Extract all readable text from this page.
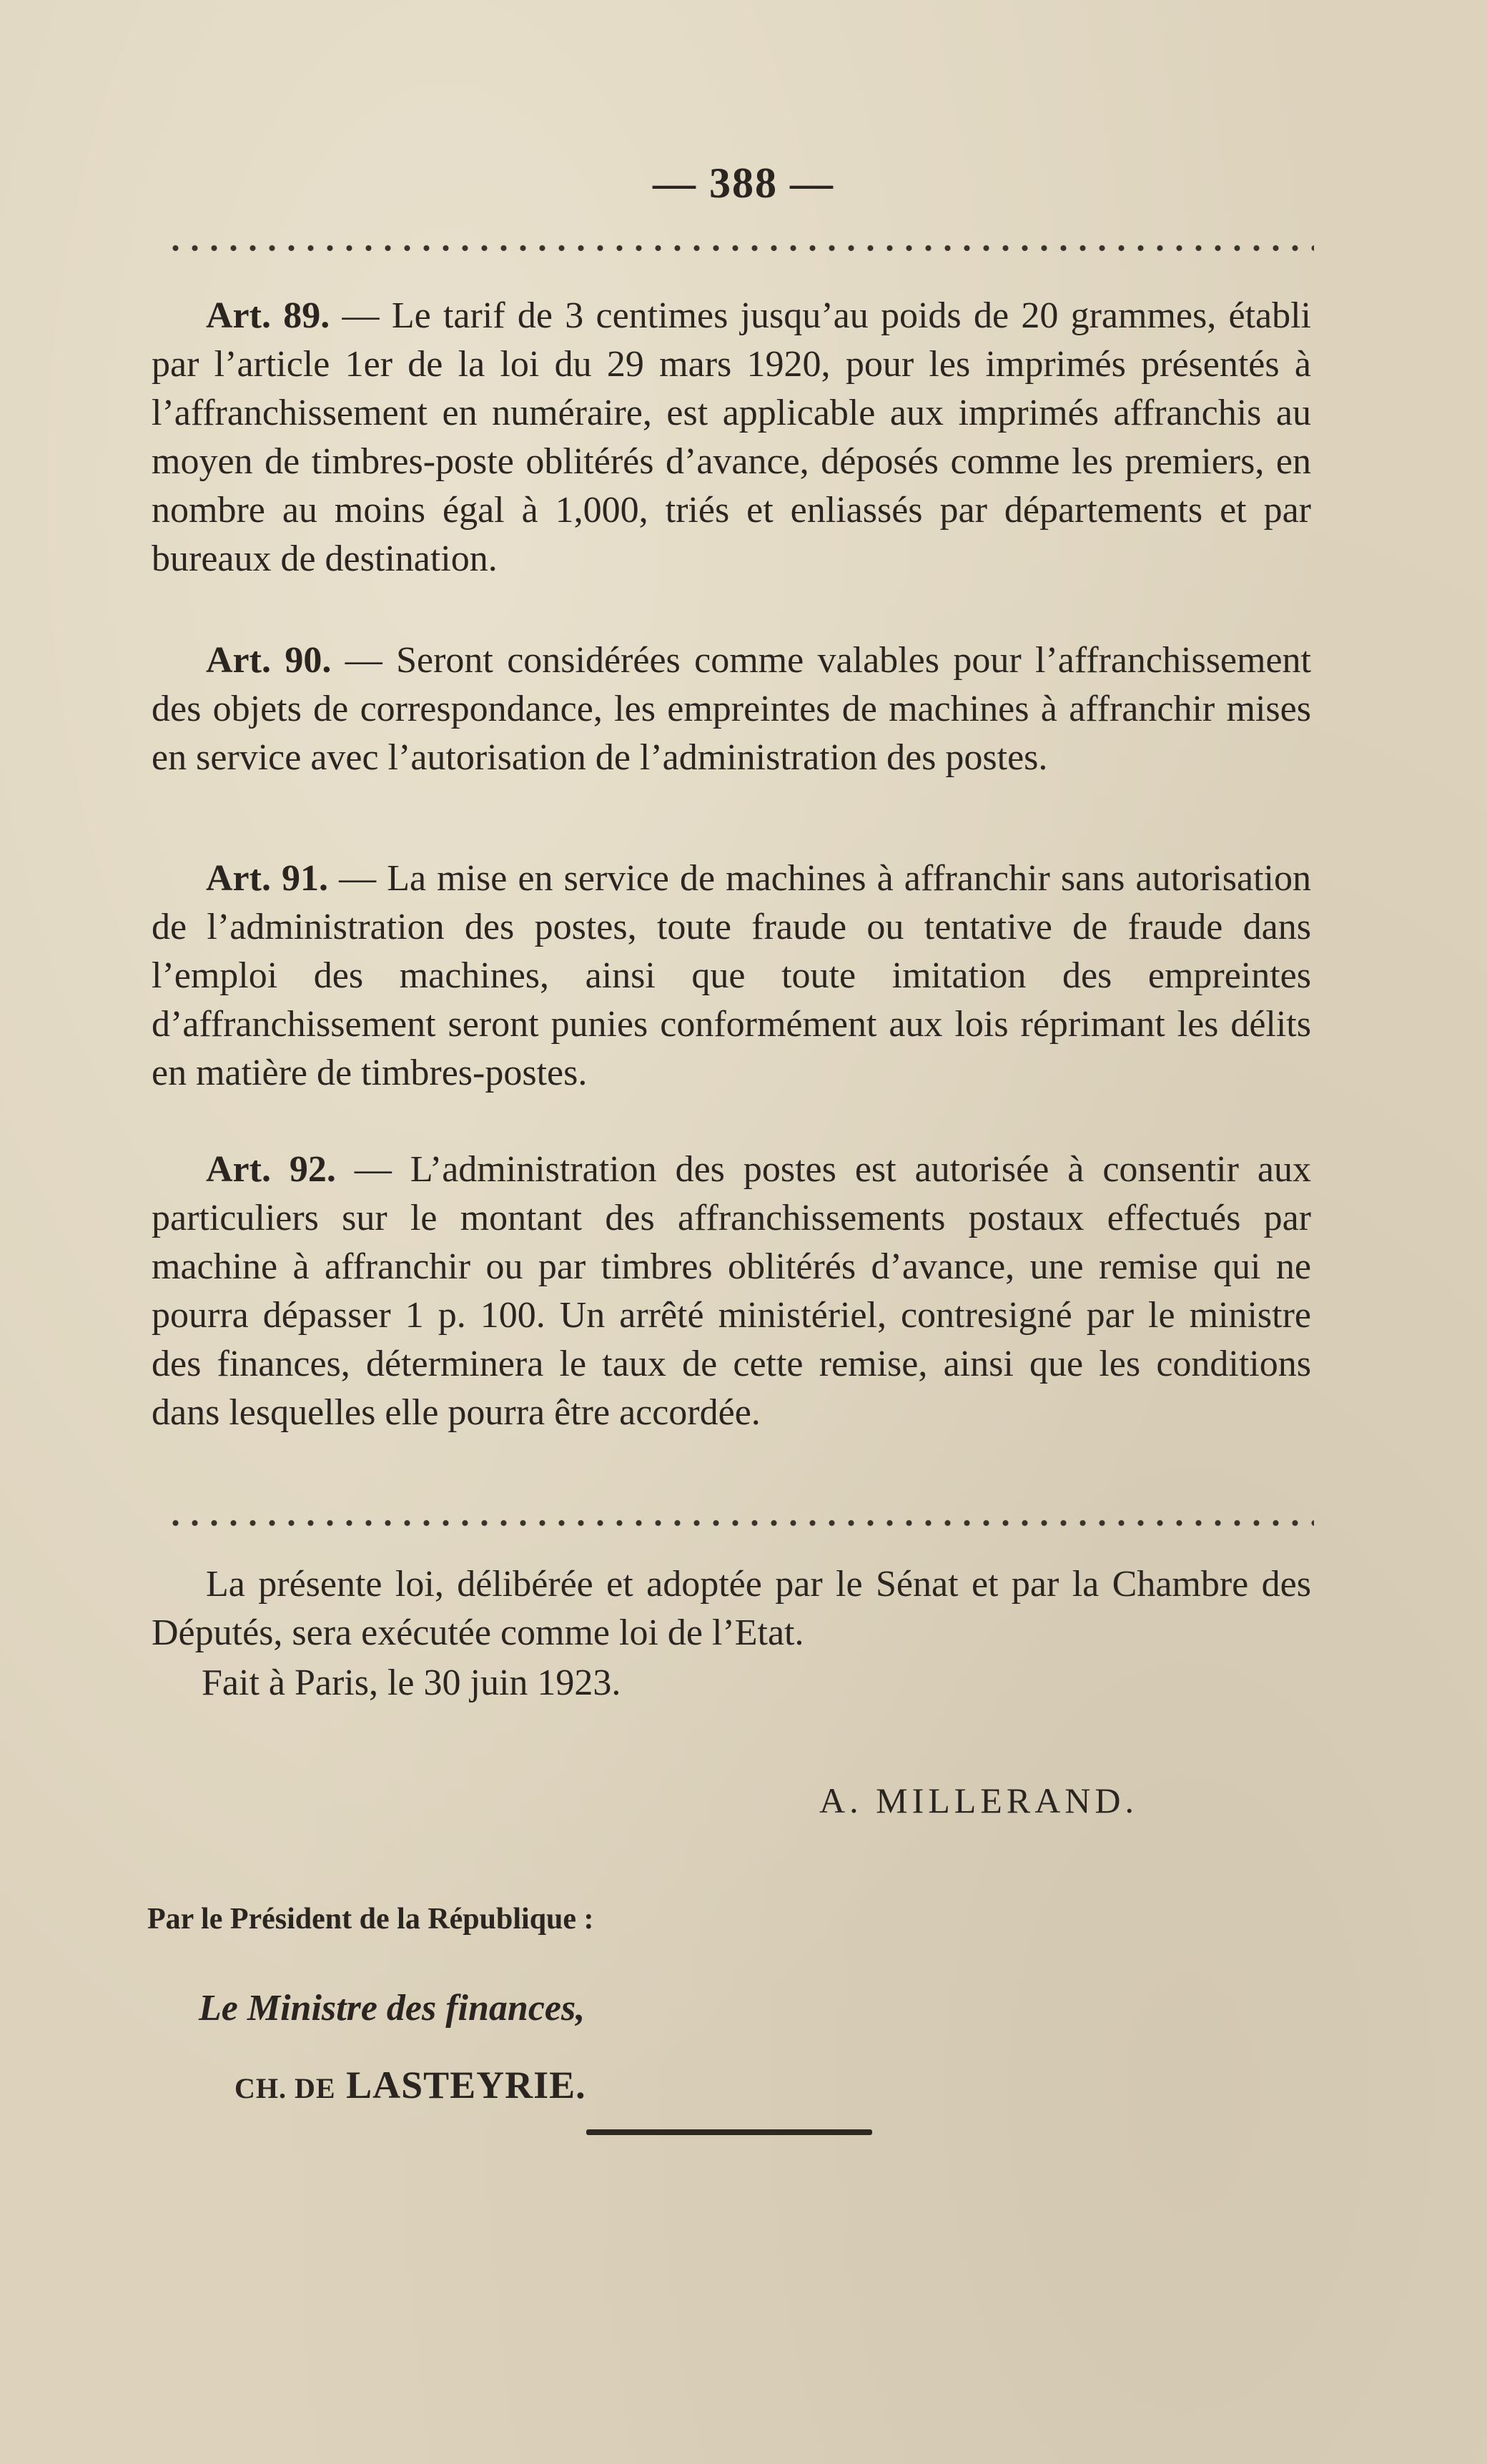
— 388 —

Art. 89. — Le tarif de 3 centimes jusqu’au poids de 20 grammes, établi par l’article 1er de la loi du 29 mars 1920, pour les imprimés présentés à l’affranchissement en numéraire, est applicable aux imprimés affranchis au moyen de timbres-poste oblitérés d’avance, déposés comme les premiers, en nombre au moins égal à 1,000, triés et enliassés par départements et par bureaux de destination.

Art. 90. — Seront considérées comme valables pour l’affranchissement des objets de correspondance, les empreintes de machines à affranchir mises en service avec l’autorisation de l’administration des postes.

Art. 91. — La mise en service de machines à affranchir sans autorisation de l’administration des postes, toute fraude ou tentative de fraude dans l’emploi des machines, ainsi que toute imitation des empreintes d’affranchissement seront punies conformément aux lois réprimant les délits en matière de timbres-postes.

Art. 92. — L’administration des postes est autorisée à consentir aux particuliers sur le montant des affranchissements postaux effectués par machine à affranchir ou par timbres oblitérés d’avance, une remise qui ne pourra dépasser 1 p. 100. Un arrêté ministériel, contresigné par le ministre des finances, déterminera le taux de cette remise, ainsi que les conditions dans lesquelles elle pourra être accordée.

La présente loi, délibérée et adoptée par le Sénat et par la Chambre des Députés, sera exécutée comme loi de l’Etat.

Fait à Paris, le 30 juin 1923.

A. MILLERAND.

Par le Président de la République :

Le Ministre des finances,

CH. DE LASTEYRIE.
